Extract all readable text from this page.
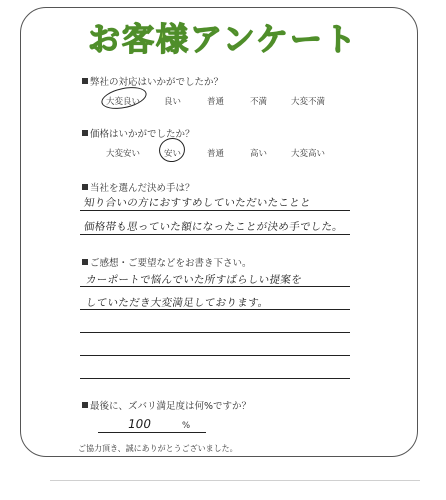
お客様アンケート
弊社の対応はいかがでしたか？
大変良い	良い	普通	不満	大変不満
価格はいかがでしたか？
大変安い	安い	普通	高い	大変高い
当社を選んだ決め手は？
知り合いの方におすすめしていただいたことと
価格帯も思っていた額になったことが決め手でした。
ご感想・ご要望などをお書き下さい。
カーポートで悩んでいた所すばらしい提案を
していただき大変満足しております。
最後に、ズバリ満足度は何%ですか？
100	%
ご協力頂き、誠にありがとうございました。
